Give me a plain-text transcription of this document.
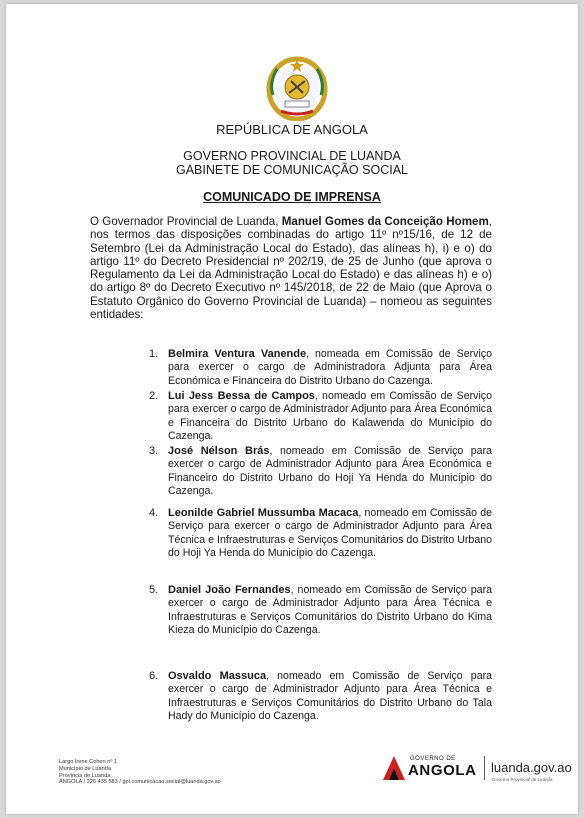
REPÚBLICA DE ANGOLA
GOVERNO PROVINCIAL DE LUANDA
GABINETE DE COMUNICAÇÃO SOCIAL
COMUNICADO DE IMPRENSA
O Governador Provincial de Luanda, Manuel Gomes da Conceição Homem, nos termos das disposições combinadas do artigo 11º nº15/16, de 12 de Setembro (Lei da Administração Local do Estado), das alíneas h), i) e o) do artigo 11º do Decreto Presidencial nº 202/19, de 25 de Junho (que aprova o Regulamento da Lei da Administração Local do Estado) e das alíneas h) e o) do artigo 8º do Decreto Executivo nº 145/2018, de 22 de Maio (que Aprova o Estatuto Orgânico do Governo Provincial de Luanda) – nomeou as seguintes entidades:
1. Belmira Ventura Vanende, nomeada em Comissão de Serviço para exercer o cargo de Administradora Adjunta para Área Económica e Financeira do Distrito Urbano do Cazenga.
2. Lui Jess Bessa de Campos, nomeado em Comissão de Serviço para exercer o cargo de Administrador Adjunto para Área Económica e Financeira do Distrito Urbano do Kalawenda do Município do Cazenga.
3. José Nélson Brás, nomeado em Comissão de Serviço para exercer o cargo de Administrador Adjunto para Área Económica e Financeiro do Distrito Urbano do Hoji Ya Henda do Município do Cazenga.
4. Leonilde Gabriel Mussumba Macaca, nomeado em Comissão de Serviço para exercer o cargo de Administrador Adjunto para Área Técnica e Infraestruturas e Serviços Comunitários do Distrito Urbano do Hoji Ya Henda do Município do Cazenga.
5. Daniel João Fernandes, nomeado em Comissão de Serviço para exercer o cargo de Administrador Adjunto para Área Técnica e Infraestruturas e Serviços Comunitários do Distrito Urbano do Kima Kieza do Município do Cazenga.
6. Osvaldo Massuca, nomeado em Comissão de Serviço para exercer o cargo de Administrador Adjunto para Área Técnica e Infraestruturas e Serviços Comunitários do Distrito Urbano do Tala Hady do Município do Cazenga.
Largo Irene Cohen nº 1
Município de Luanda
Província de Luanda
ANGOLA / 226 435 583 / gpl.comunicacao.social@luanda.gov.ao
GOVERNO DE
ANGOLA luanda.gov.ao
Governo Provincial de Luanda
